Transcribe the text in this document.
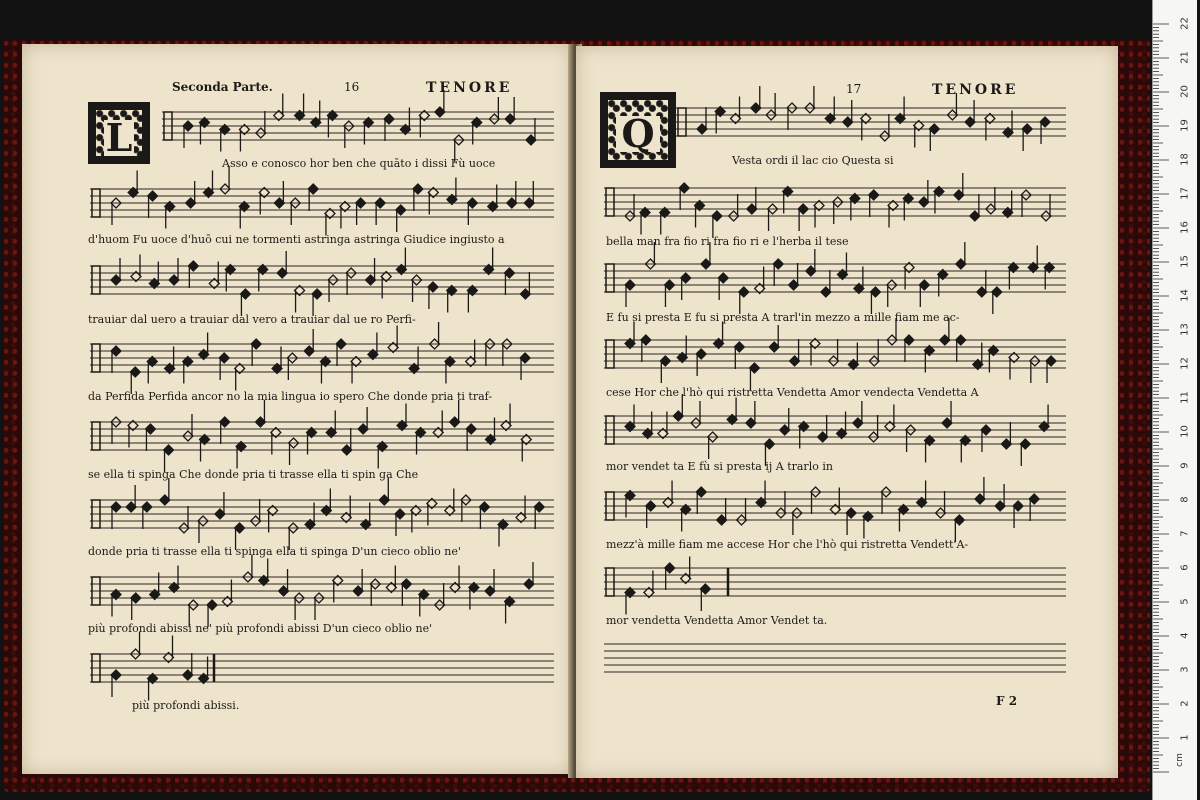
Seconda Parte.	16	TENORE
L
Asso e conosco hor ben che quāto i dissi Fù uoce
d'huom Fu uoce d'huō cui ne tormenti astringa astringa Giudice ingiusto a
trauiar dal uero a trauiar dal vero a trauiar dal ue ro Perfi-
da Perfida Perfida ancor no la mia lingua io spero Che donde pria ti traf-
se ella ti spinga Che donde pria ti trasse ella ti spin ga Che
donde pria ti trasse ella ti spinga ella ti spinga D'un cieco oblio ne'
più profondi abissi ne' più profondi abissi D'un cieco oblio ne'
più profondi abissi.
17	TENORE
Q
Vesta ordi il lac cio Questa si
bella man fra fio ri fra fio ri e l'herba il tese
E fu si presta E fu si presta A trarl'in mezzo a mille fiam me ac-
cese Hor che l'hò qui ristretta Vendetta Amor vendecta Vendetta A
mor vendet ta E fù si presta ij A trarlo in
mezz'à mille fiam me accese Hor che l'hò qui ristretta Vendett'A-
mor vendetta Vendetta Amor Vendet ta.
F 2
cm
1
2
3
4
5
6
7
8
9
10
11
12
13
14
15
16
17
18
19
20
21
22
